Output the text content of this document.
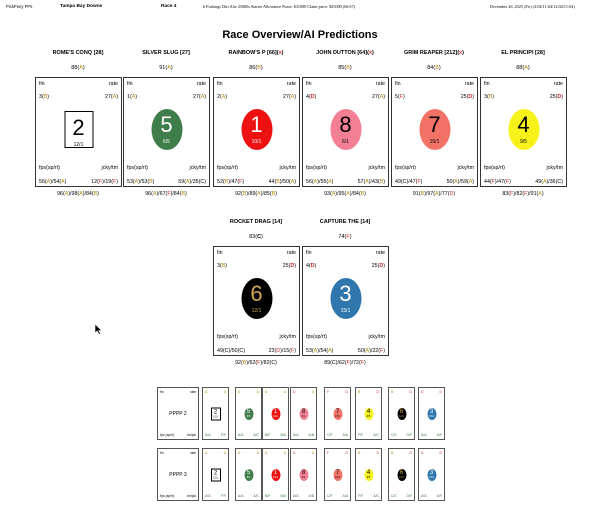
PickPony PPs	Tampa Bay Downs	Race 4	6 Furlongs Dirt Alw 25000s Starter Allowance Purse: $31000 Claim price: $25000 (66.67)	December 26, 2025 (Fri) (2:04/11:04/12:04/11:04)
Race Overview/AI Predictions
ROME'S CONQ [28]
88(A)
fin	rate
3(B)	27(A)
2
12/1
fps(sp/rt)	jcky/tm
56(A)/54(A)	12(F)/19(F)
96(A)/98(A)/84(B)
SILVER SLUG [27]
91(A)
fin	rate
1(A)	27(A)
5
6/5
fps(sp/rt)	jcky/tm
53(A)/53(B)	59(A)/35(C)
96(A)/67(F)/84(B)
RAINBOW'S P [66](x)
86(B)
fin	rate
2(A)	27(A)
1
10/1
fps(sp/rt)	jcky/tm
52(B)/47(F)	44(B)/50(A)
92(B)/89(A)/85(B)
JOHN DUTTON [64](x)
85(B)
fin	rate
4(D)	27(A)
8
6/1
fps(sp/rt)	jcky/tm
56(A)/55(A)	57(A)/43(B)
93(A)/95(A)/84(B)
GRIM REAPER [212](x)
84(B)
fin	rate
5(F)	25(D)
7
15/1
fps(sp/rt)	jcky/tm
49(C)/47(F)	50(A)/59(A)
91(B)/97(A)/77(D)
EL PRINCIPI [28]
88(A)
fin	rate
3(B)	25(D)
4
9/5
fps(sp/rt)	jcky/tm
44(F)/47(F)	49(A)/36(C)
83(F)/82(F)/91(A)
ROCKET DRAG [14]
83(C)
fin	rate
3(B)	25(D)
6
12/1
fps(sp/rt)	jcky/tm
49(C)/50(C)	23(D)/15(F)
92(B)/62(F)/82(C)
CAPTURE THE [14]
74(F)
fin	rate
4(D)	25(D)
3
15/1
fps(sp/rt)	jcky/tm
53(A)/54(A)	50(A)/22(F)
89(C)/62(F)/72(F)
fin	rate
fps (sp/rt)	tm/jck
PPPP 2
A	A
A/A	F/F
2
12/1
A	A
A/A	A/C
5
6/5
A	A
B/F	B/A
1
10/1
D	A
A/A	A/B
8
6/1
F	D
C/F	A/A
7
15/1
B	D
F/F	A/C
4
9/5
B	D
C/C	D/F
6
12/1
D	D
A/A	A/F
3
15/1
fin	rate
fps (sp/rt)	tm/jck
PPPP 3
A	A
A/A	F/F
2
12/1
A	A
A/A	A/C
5
6/5
A	A
B/F	B/A
1
10/1
D	A
A/A	A/B
8
6/1
F	D
C/F	A/A
7
15/1
B	D
F/F	A/C
4
9/5
B	D
C/C	D/F
6
12/1
D	D
A/A	A/F
3
15/1
